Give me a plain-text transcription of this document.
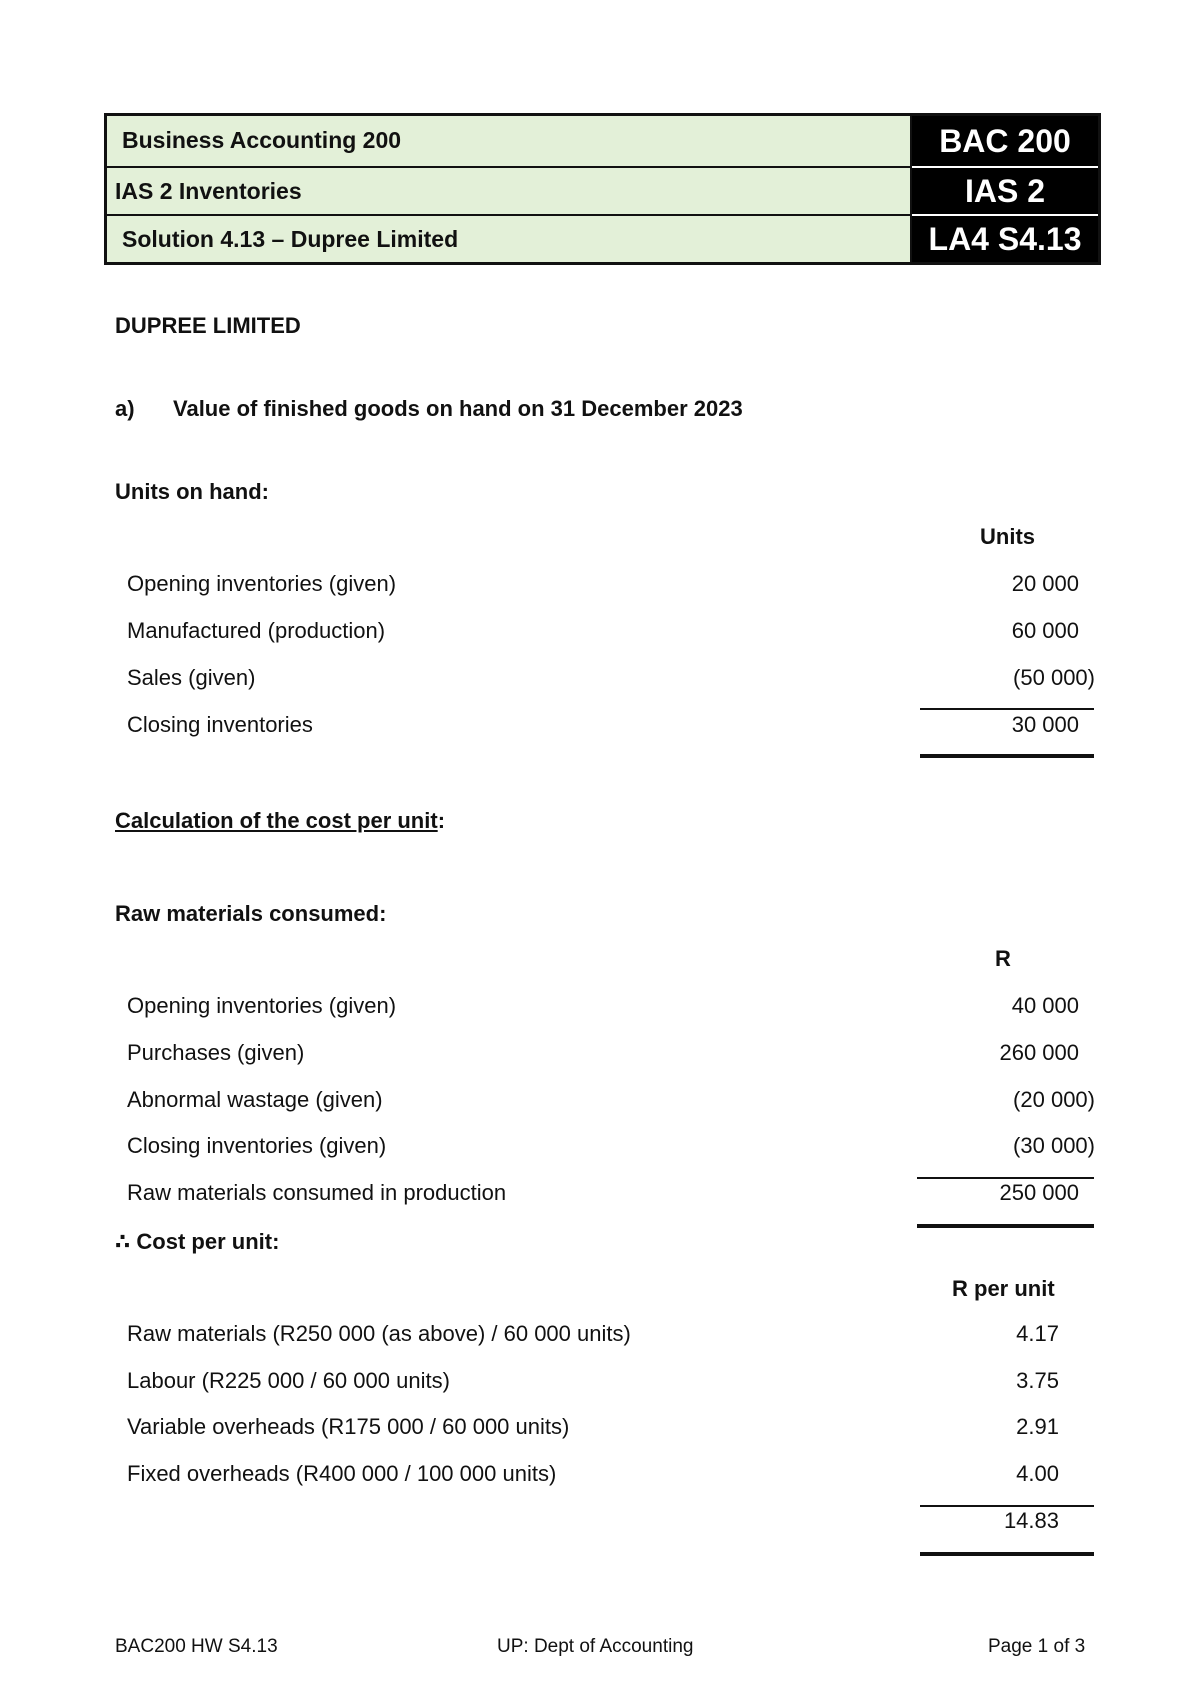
Business Accounting 200	BAC 200
IAS 2 Inventories	IAS 2
Solution 4.13 – Dupree Limited	LA4 S4.13
DUPREE LIMITED
a) Value of finished goods on hand on 31 December 2023
Units on hand:
Units
Opening inventories (given)	20 000
Manufactured (production)	60 000
Sales (given)	(50 000)
Closing inventories	30 000
Calculation of the cost per unit:
Raw materials consumed:
R
Opening inventories (given)	40 000
Purchases (given)	260 000
Abnormal wastage (given)	(20 000)
Closing inventories (given)	(30 000)
Raw materials consumed in production	250 000
∴ Cost per unit:
R per unit
Raw materials (R250 000 (as above) / 60 000 units)	4.17
Labour (R225 000 / 60 000 units)	3.75
Variable overheads (R175 000 / 60 000 units)	2.91
Fixed overheads (R400 000 / 100 000 units)	4.00
14.83
BAC200 HW S4.13	UP: Dept of Accounting	Page 1 of 3
